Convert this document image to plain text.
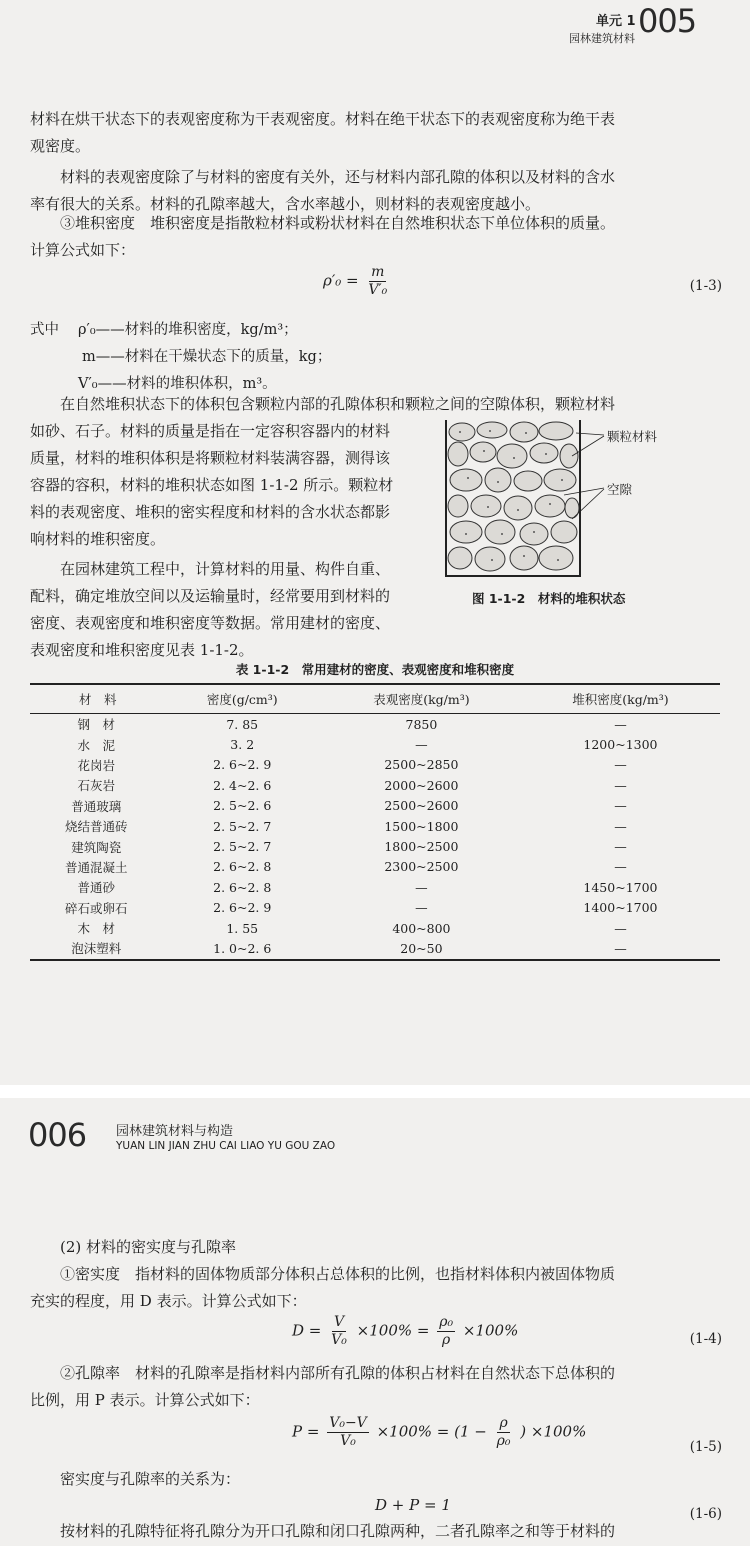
单元 1
园林建筑材料 005
材料在烘干状态下的表观密度称为干表观密度。材料在绝干状态下的表观密度称为绝干表
观密度。
材料的表观密度除了与材料的密度有关外，还与材料内部孔隙的体积以及材料的含水
率有很大的关系。材料的孔隙率越大，含水率越小，则材料的表观密度越小。
③堆积密度　堆积密度是指散粒材料或粉状材料在自然堆积状态下单位体积的质量。
计算公式如下：
$\rho'_0 = \frac{m}{\text{V′₀}}$	(1-3)
式中 ρ′₀——材料的堆积密度，kg/m³；
m——材料在干燥状态下的质量，kg；
V′₀——材料的堆积体积，m³。
在自然堆积状态下的体积包含颗粒内部的孔隙体积和颗粒之间的空隙体积，颗粒材料
如砂、石子。材料的质量是指在一定容积容器内的材料
质量，材料的堆积体积是将颗粒材料装满容器，测得该
容器的容积，材料的堆积状态如图 1-1-2 所示。颗粒材
料的表观密度、堆积的密实程度和材料的含水状态都影
响材料的堆积密度。
在园林建筑工程中，计算材料的用量、构件自重、
配料，确定堆放空间以及运输量时，经常要用到材料的
密度、表观密度和堆积密度等数据。常用建材的密度、
表观密度和堆积密度见表 1-1-2。
颗粒材料
空隙
图 1-1-2　材料的堆积状态
表 1-1-2　常用建材的密度、表观密度和堆积密度
材　料	密度(g/cm³)	表观密度(kg/m³)	堆积密度(kg/m³)
钢　材	7. 85	7850	—
水　泥	3. 2	—	1200~1300
花岗岩	2. 6~2. 9	2500~2850	—
石灰岩	2. 4~2. 6	2000~2600	—
普通玻璃	2. 5~2. 6	2500~2600	—
烧结普通砖	2. 5~2. 7	1500~1800	—
建筑陶瓷	2. 5~2. 7	1800~2500	—
普通混凝土	2. 6~2. 8	2300~2500	—
普通砂	2. 6~2. 8	—	1450~1700
碎石或卵石	2. 6~2. 9	—	1400~1700
木　材	1. 55	400~800	—
泡沫塑料	1. 0~2. 6	20~50	—
006 园林建筑材料与构造
YUAN LIN JIAN ZHU CAI LIAO YU GOU ZAO
(2) 材料的密实度与孔隙率
①密实度　指材料的固体物质部分体积占总体积的比例，也指材料体积内被固体物质
充实的程度，用 D 表示。计算公式如下：
$D = \frac{V}{\text{V₀}} \times 100\% = \frac{\text{ρ₀}}{\rho} \times 100\%$	(1-4)
②孔隙率　材料的孔隙率是指材料内部所有孔隙的体积占材料在自然状态下总体积的
比例，用 P 表示。计算公式如下：
$P = \frac{\text{V₀−V}}{\text{V₀}} \times 100\% = (1 - \frac{\rho}{\text{ρ₀}}$ ) ×100%
(1-5)
密实度与孔隙率的关系为：
D + P = 1	(1-6)
按材料的孔隙特征将孔隙分为开口孔隙和闭口孔隙两种，二者孔隙率之和等于材料的
